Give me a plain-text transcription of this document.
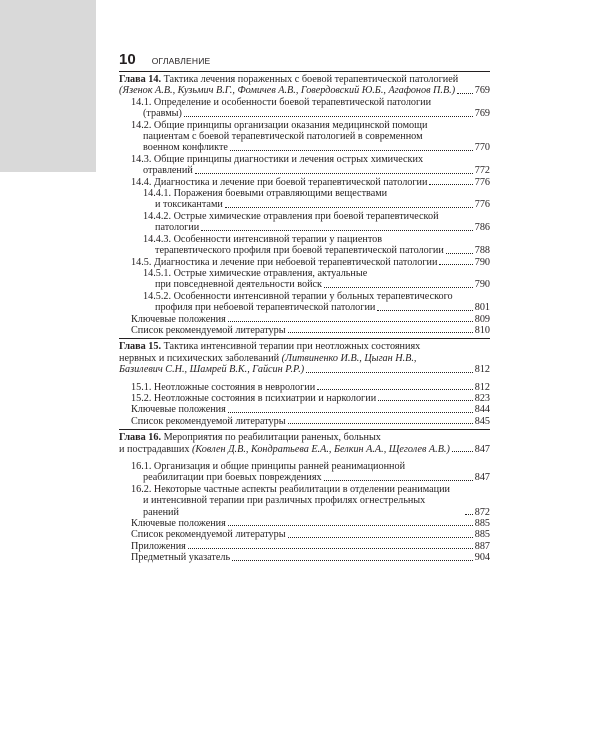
10 ОГЛАВЛЕНИЕ
Глава 14. Тактика лечения пораженных с боевой терапевтической патологией
(Язенок А.В., Кузьмич В.Г., Фомичев А.В., Говердовский Ю.Б., Агафонов П.В.) 769
14.1. Определение и особенности боевой терапевтической патологии
(травмы)	769
14.2. Общие принципы организации оказания медицинской помощи
пациентам с боевой терапевтической патологией в современном
военном конфликте	770
14.3. Общие принципы диагностики и лечения острых химических
отравлений	772
14.4. Диагностика и лечение при боевой терапевтической патологии	776
14.4.1. Поражения боевыми отравляющими веществами
и токсикантами	776
14.4.2. Острые химические отравления при боевой терапевтической
патологии	786
14.4.3. Особенности интенсивной терапии у пациентов
терапевтического профиля при боевой терапевтической патологии	788
14.5. Диагностика и лечение при небоевой терапевтической патологии	790
14.5.1. Острые химические отравления, актуальные
при повседневной деятельности войск	790
14.5.2. Особенности интенсивной терапии у больных терапевтического
профиля при небоевой терапевтической патологии	801
Ключевые положения	809
Список рекомендуемой литературы	810
Глава 15. Тактика интенсивной терапии при неотложных состояниях
нервных и психических заболеваний (Литвиненко И.В., Цыган Н.В.,
Базилевич С.Н., Шамрей В.К., Гайсин Р.Р.)	812
15.1. Неотложные состояния в неврологии	812
15.2. Неотложные состояния в психиатрии и наркологии	823
Ключевые положения	844
Список рекомендуемой литературы	845
Глава 16. Мероприятия по реабилитации раненых, больных
и пострадавших (Ковлен Д.В., Кондратьева Е.А., Белкин А.А., Щеголев А.В.) 847
16.1. Организация и общие принципы ранней реанимационной
реабилитации при боевых повреждениях	847
16.2. Некоторые частные аспекты реабилитации в отделении реанимации
и интенсивной терапии при различных профилях огнестрельных ранений	872
Ключевые положения	885
Список рекомендуемой литературы	885
Приложения	887
Предметный указатель	904
